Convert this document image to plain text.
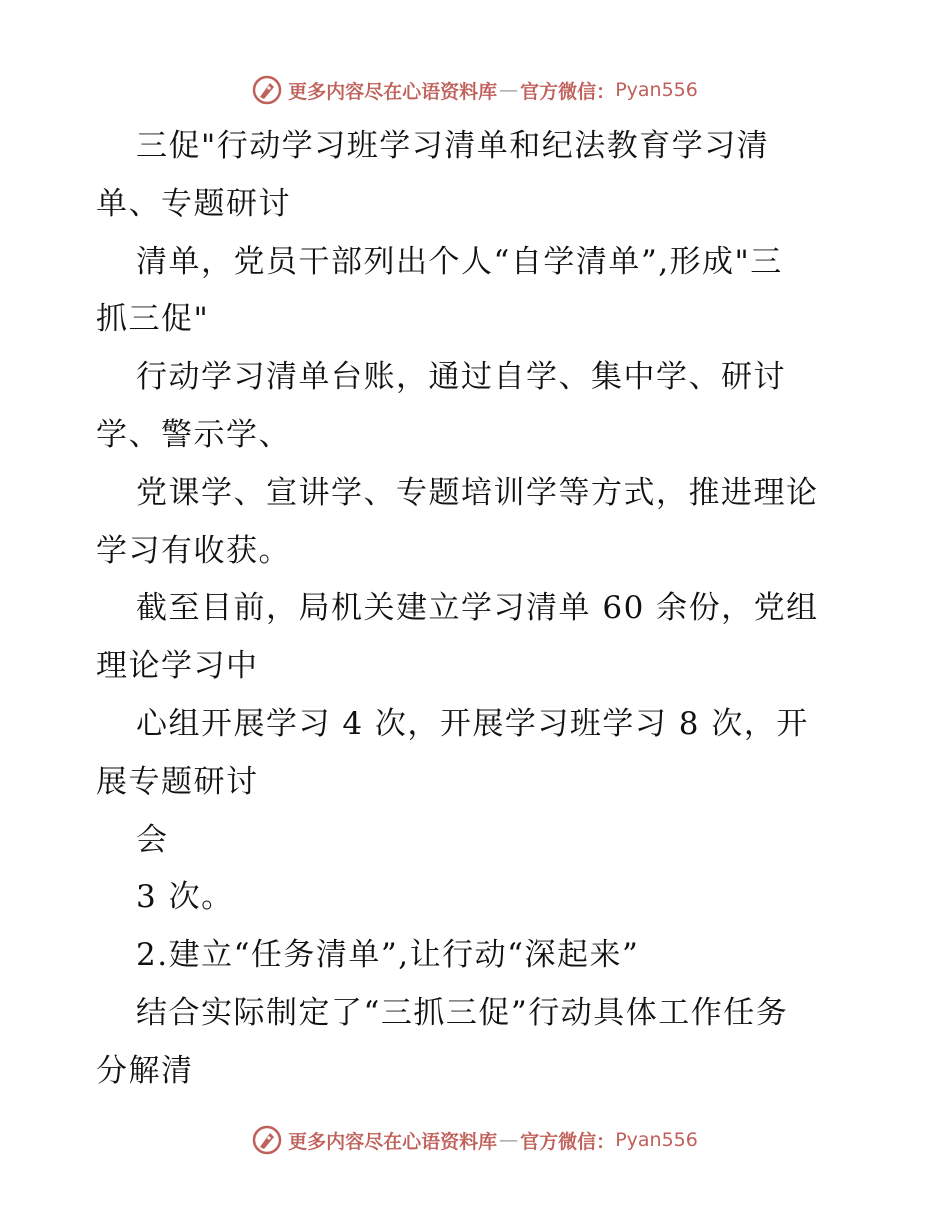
更多内容尽在心语资料库 — 官方微信： Pyan556
三促"行动学习班学习清单和纪法教育学习清
单、专题研讨
清单，党员干部列出个人“自学清单”,形成"三
抓三促"
行动学习清单台账，通过自学、集中学、研讨
学、警示学、
党课学、宣讲学、专题培训学等方式，推进理论
学习有收获。
截至目前，局机关建立学习清单 60 余份，党组
理论学习中
心组开展学习 4 次，开展学习班学习 8 次，开
展专题研讨
会
3 次。
2.建立“任务清单”,让行动“深起来”
结合实际制定了“三抓三促”行动具体工作任务
分解清
更多内容尽在心语资料库 — 官方微信： Pyan556
